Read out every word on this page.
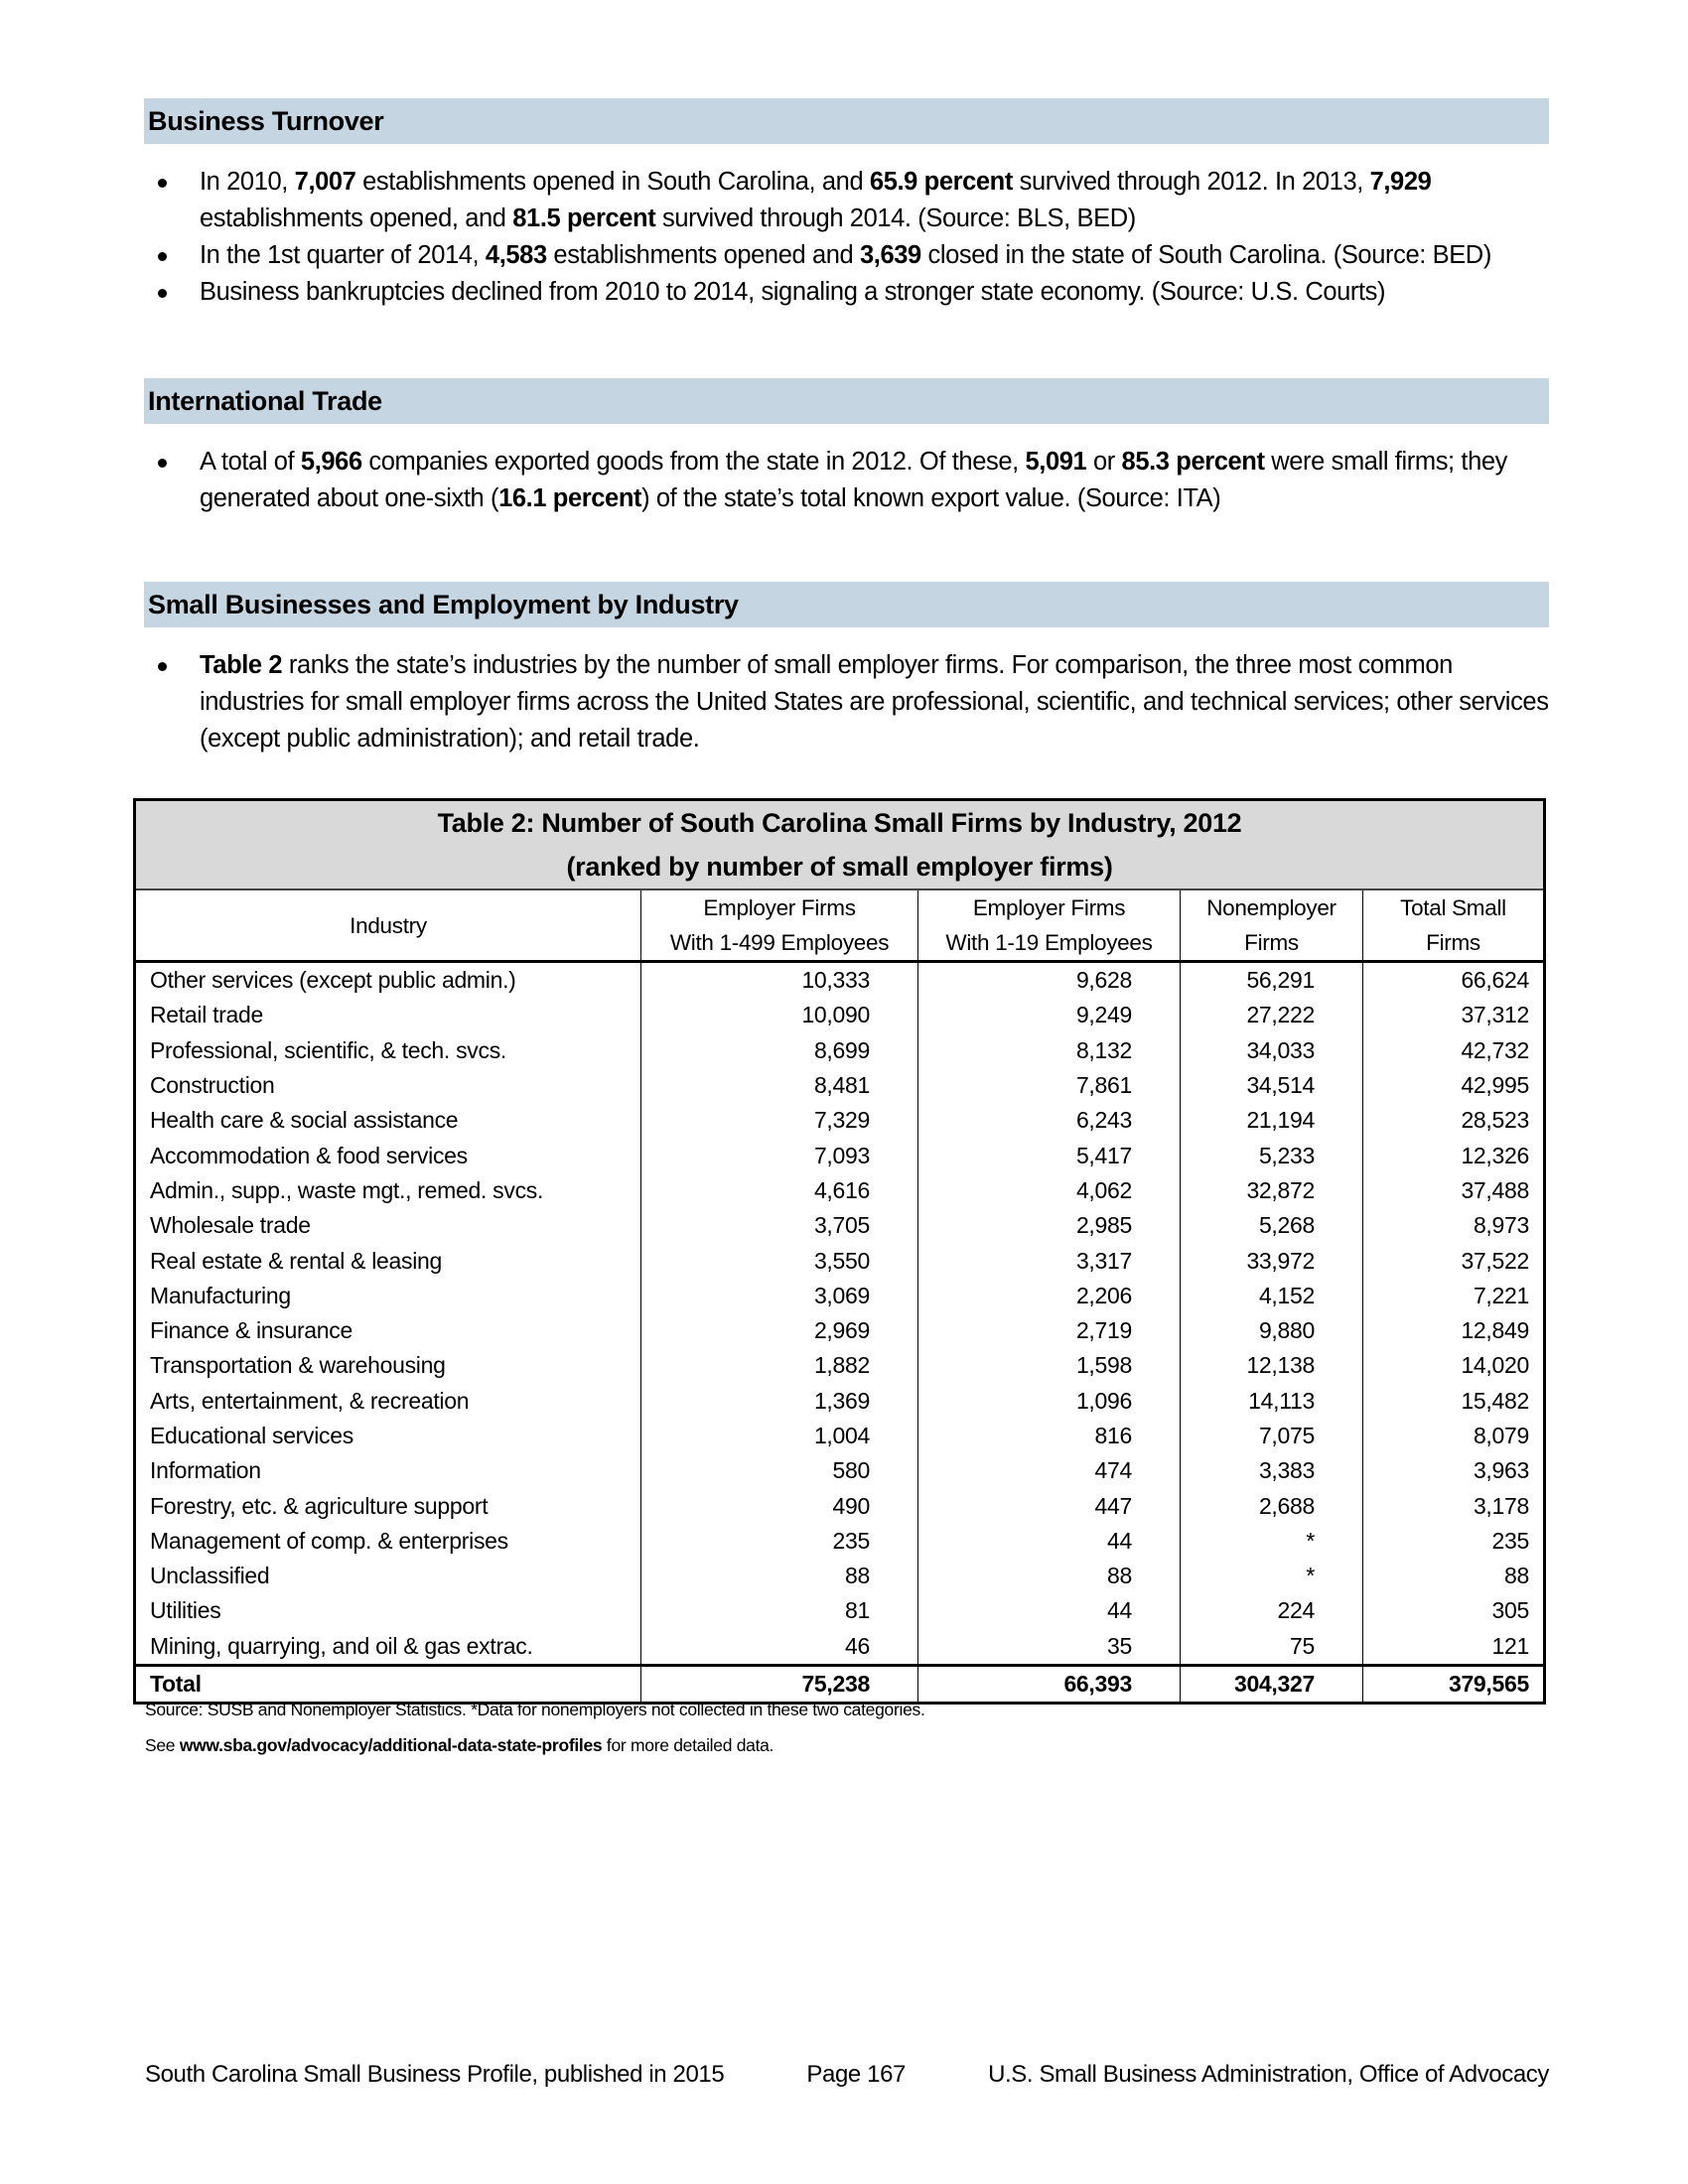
Business Turnover
In 2010, 7,007 establishments opened in South Carolina, and 65.9 percent survived through 2012. In 2013, 7,929 establishments opened, and 81.5 percent survived through 2014. (Source: BLS, BED)
In the 1st quarter of 2014, 4,583 establishments opened and 3,639 closed in the state of South Carolina. (Source: BED)
Business bankruptcies declined from 2010 to 2014, signaling a stronger state economy. (Source: U.S. Courts)
International Trade
A total of 5,966 companies exported goods from the state in 2012. Of these, 5,091 or 85.3 percent were small firms; they generated about one-sixth (16.1 percent) of the state’s total known export value. (Source: ITA)
Small Businesses and Employment by Industry
Table 2 ranks the state’s industries by the number of small employer firms. For comparison, the three most common industries for small employer firms across the United States are professional, scientific, and technical services; other services (except public administration); and retail trade.
Table 2: Number of South Carolina Small Firms by Industry, 2012
(ranked by number of small employer firms)				

Industry	Employer Firms	Employer Firms	Nonemployer	Total Small
	With 1-499 Employees	With 1-19 Employees	Firms	Firms
Other services (except public admin.)	10,333	9,628	56,291	66,624
Retail trade	10,090	9,249	27,222	37,312
Professional, scientific, & tech. svcs.	8,699	8,132	34,033	42,732
Construction	8,481	7,861	34,514	42,995
Health care & social assistance	7,329	6,243	21,194	28,523
Accommodation & food services	7,093	5,417	5,233	12,326
Admin., supp., waste mgt., remed. svcs.	4,616	4,062	32,872	37,488
Wholesale trade	3,705	2,985	5,268	8,973
Real estate & rental & leasing	3,550	3,317	33,972	37,522
Manufacturing	3,069	2,206	4,152	7,221
Finance & insurance	2,969	2,719	9,880	12,849
Transportation & warehousing	1,882	1,598	12,138	14,020
Arts, entertainment, & recreation	1,369	1,096	14,113	15,482
Educational services	1,004	816	7,075	8,079
Information	580	474	3,383	3,963
Forestry, etc. & agriculture support	490	447	2,688	3,178
Management of comp. & enterprises	235	44	*	235
Unclassified	88	88	*	88
Utilities	81	44	224	305
Mining, quarrying, and oil & gas extrac.	46	35	75	121
Total	75,238	66,393	304,327	379,565
Source: SUSB and Nonemployer Statistics. *Data for nonemployers not collected in these two categories.
See www.sba.gov/advocacy/additional-data-state-profiles for more detailed data.
South Carolina Small Business Profile, published in 2015	Page 167	U.S. Small Business Administration, Office of Advocacy
